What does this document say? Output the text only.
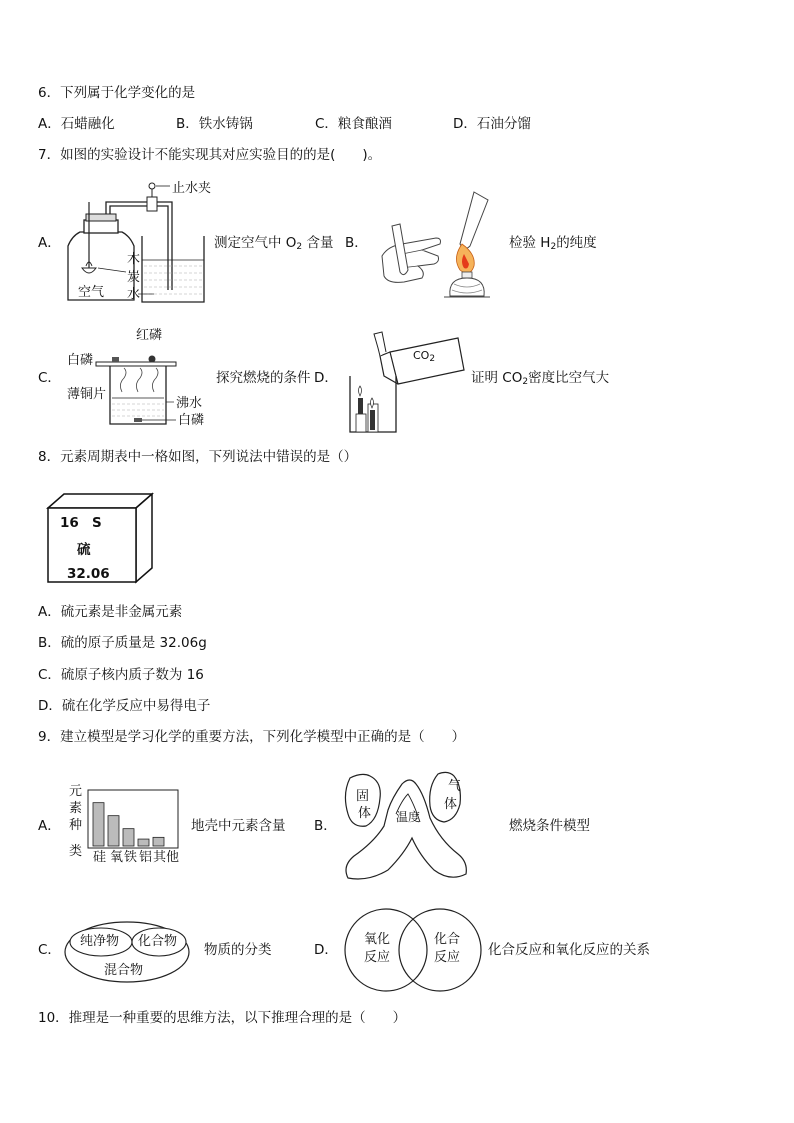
6．下列属于化学变化的是
A．石蜡融化	B．铁水铸锅	C．粮食酿酒	D．石油分馏
7．如图的实验设计不能实现其对应实验目的的是(　　)。
A．
止水夹
木
炭
水
空气
测定空气中 $O_2$ 含量 B．	检验 $H_2$的纯度
C．
红磷
白磷
薄铜片
沸水
白磷
探究燃烧的条件 D．
$CO_2$
证明 $CO_2$密度比空气大
8．元素周期表中一格如图，下列说法中错误的是（）
16 S
硫
32.06
A．硫元素是非金属元素
B．硫的原子质量是 32.06g
C．硫原子核内质子数为 16
D．硫在化学反应中易得电子
9．建立模型是学习化学的重要方法，下列化学模型中正确的是（　　）
A．
元
素
种
类 硅 氧 铁 铝 其他
地壳中元素含量 B．
固
体 温度
气
体
燃烧条件模型
C．
纯净物 化合物
混合物
物质的分类	D．
氧化
反应
化合
反应 化合反应和氧化反应的关系
10．推理是一种重要的思维方法，以下推理合理的是（　　）
